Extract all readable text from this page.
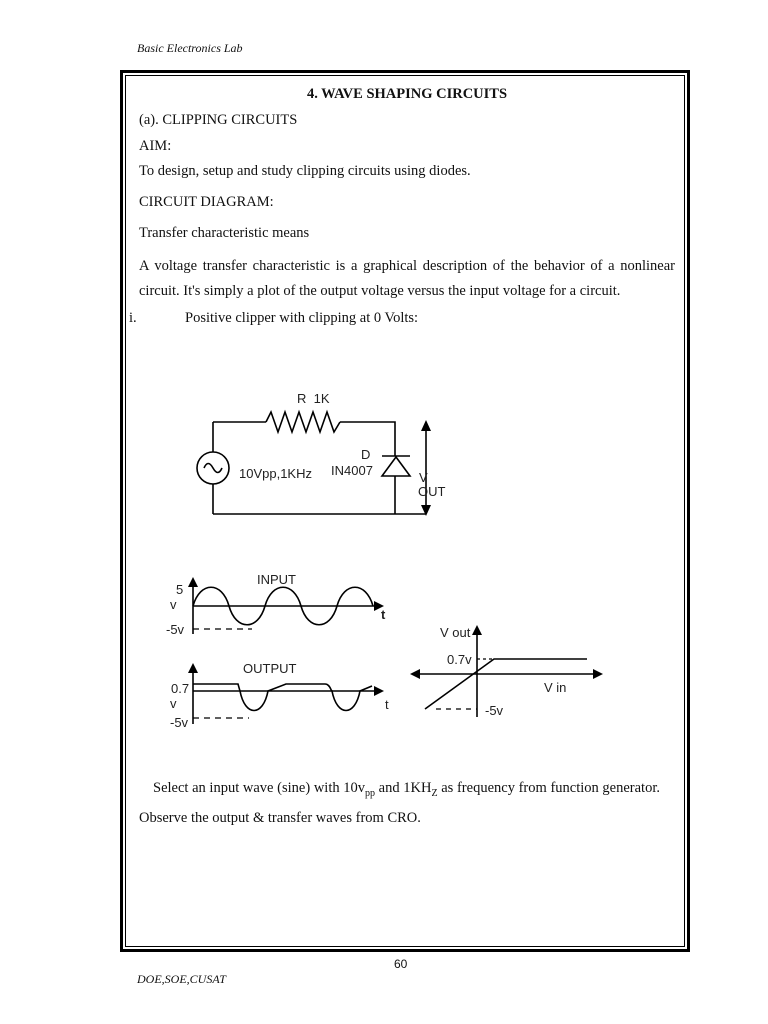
Basic Electronics Lab
4. WAVE SHAPING CIRCUITS
(a). CLIPPING CIRCUITS
AIM:
To design, setup and study clipping circuits using diodes.
CIRCUIT DIAGRAM:
Transfer characteristic means
A voltage transfer characteristic is a graphical description of the behavior of a nonlinear circuit. It's simply a plot of the output voltage versus the input voltage for a circuit.
i.	Positive clipper with clipping at 0 Volts:
R  1K
D
IN4007
10Vpp,1KHz	V
OUT
INPUT
5
v
-5v
t
OUTPUT
0.7
v
-5v
t
V out
0.7v
V in
-5v
Select an input wave (sine) with $10v_{pp}$ and $1KH_Z$ as frequency from function generator. Observe the output & transfer waves from CRO.
60
DOE,SOE,CUSAT
